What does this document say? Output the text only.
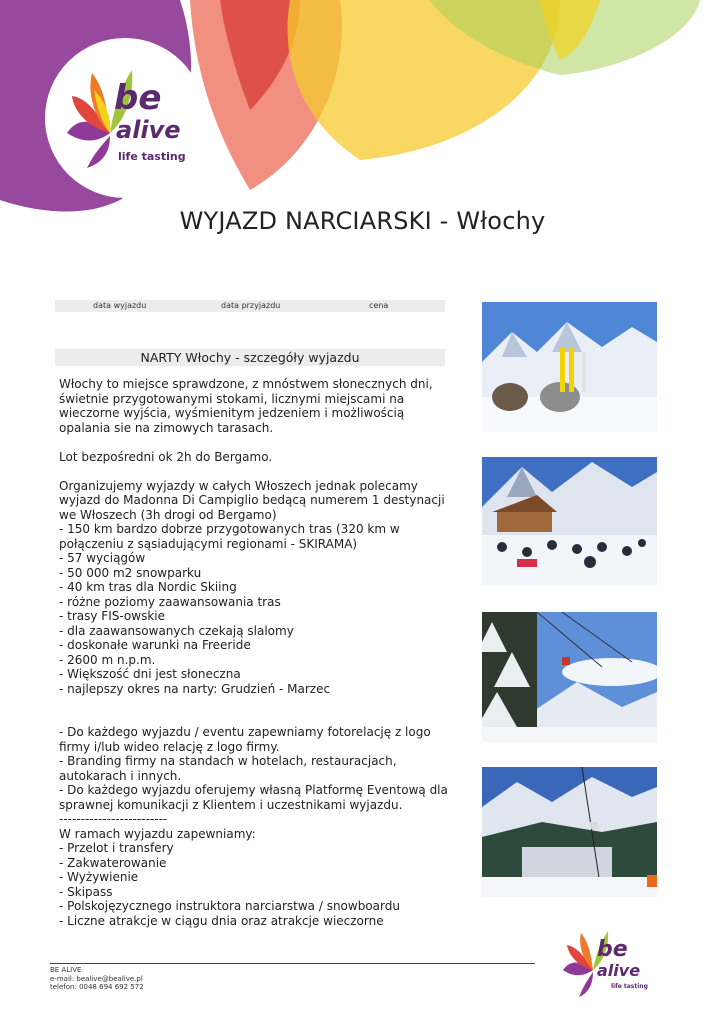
be
alive
life tasting
WYJAZD NARCIARSKI - Włochy
data wyjazdu	data przyjazdu	cena
NARTY Włochy - szczegóły wyjazdu

Włochy to miejsce sprawdzone, z mnóstwem słonecznych dni, świetnie przygotowanymi stokami, licznymi miejscami na wieczorne wyjścia, wyśmienitym jedzeniem i możliwością opalania sie na zimowych tarasach.

Lot bezpośredni ok 2h do Bergamo.

Organizujemy wyjazdy w całych Włoszech jednak polecamy wyjazd do Madonna Di Campiglio bedącą numerem 1 destynacji we Włoszech (3h drogi od Bergamo)
- 150 km bardzo dobrze przygotowanych tras (320 km w połączeniu z sąsiadującymi regionami - SKIRAMA)
- 57 wyciągów
- 50 000 m2 snowparku
- 40 km tras dla Nordic Skiing
- różne poziomy zaawansowania tras
- trasy FIS-owskie
- dla zaawansowanych czekają slalomy
- doskonałe warunki na Freeride
- 2600 m n.p.m.
- Większość dni jest słoneczna
- najlepszy okres na narty: Grudzień - Marzec

- Do każdego wyjazdu / eventu zapewniamy fotorelację z logo firmy i/lub wideo relację z logo firmy.
- Branding firmy na standach w hotelach, restauracjach, autokarach i innych.
- Do każdego wyjazdu oferujemy własną Platformę Eventową dla sprawnej komunikacji z Klientem i uczestnikami wyjazdu.
-------------------------
W ramach wyjazdu zapewniamy:
- Przelot i transfery
- Zakwaterowanie
- Wyżywienie
- Skipass
- Polskojęzycznego instruktora narciarstwa / snowboardu
- Liczne atrakcje w ciągu dnia oraz atrakcje wieczorne

BE ALIVE
e-mail: bealive@bealive.pl
telefon: 0048 694 692 572
be
alive
life tasting
